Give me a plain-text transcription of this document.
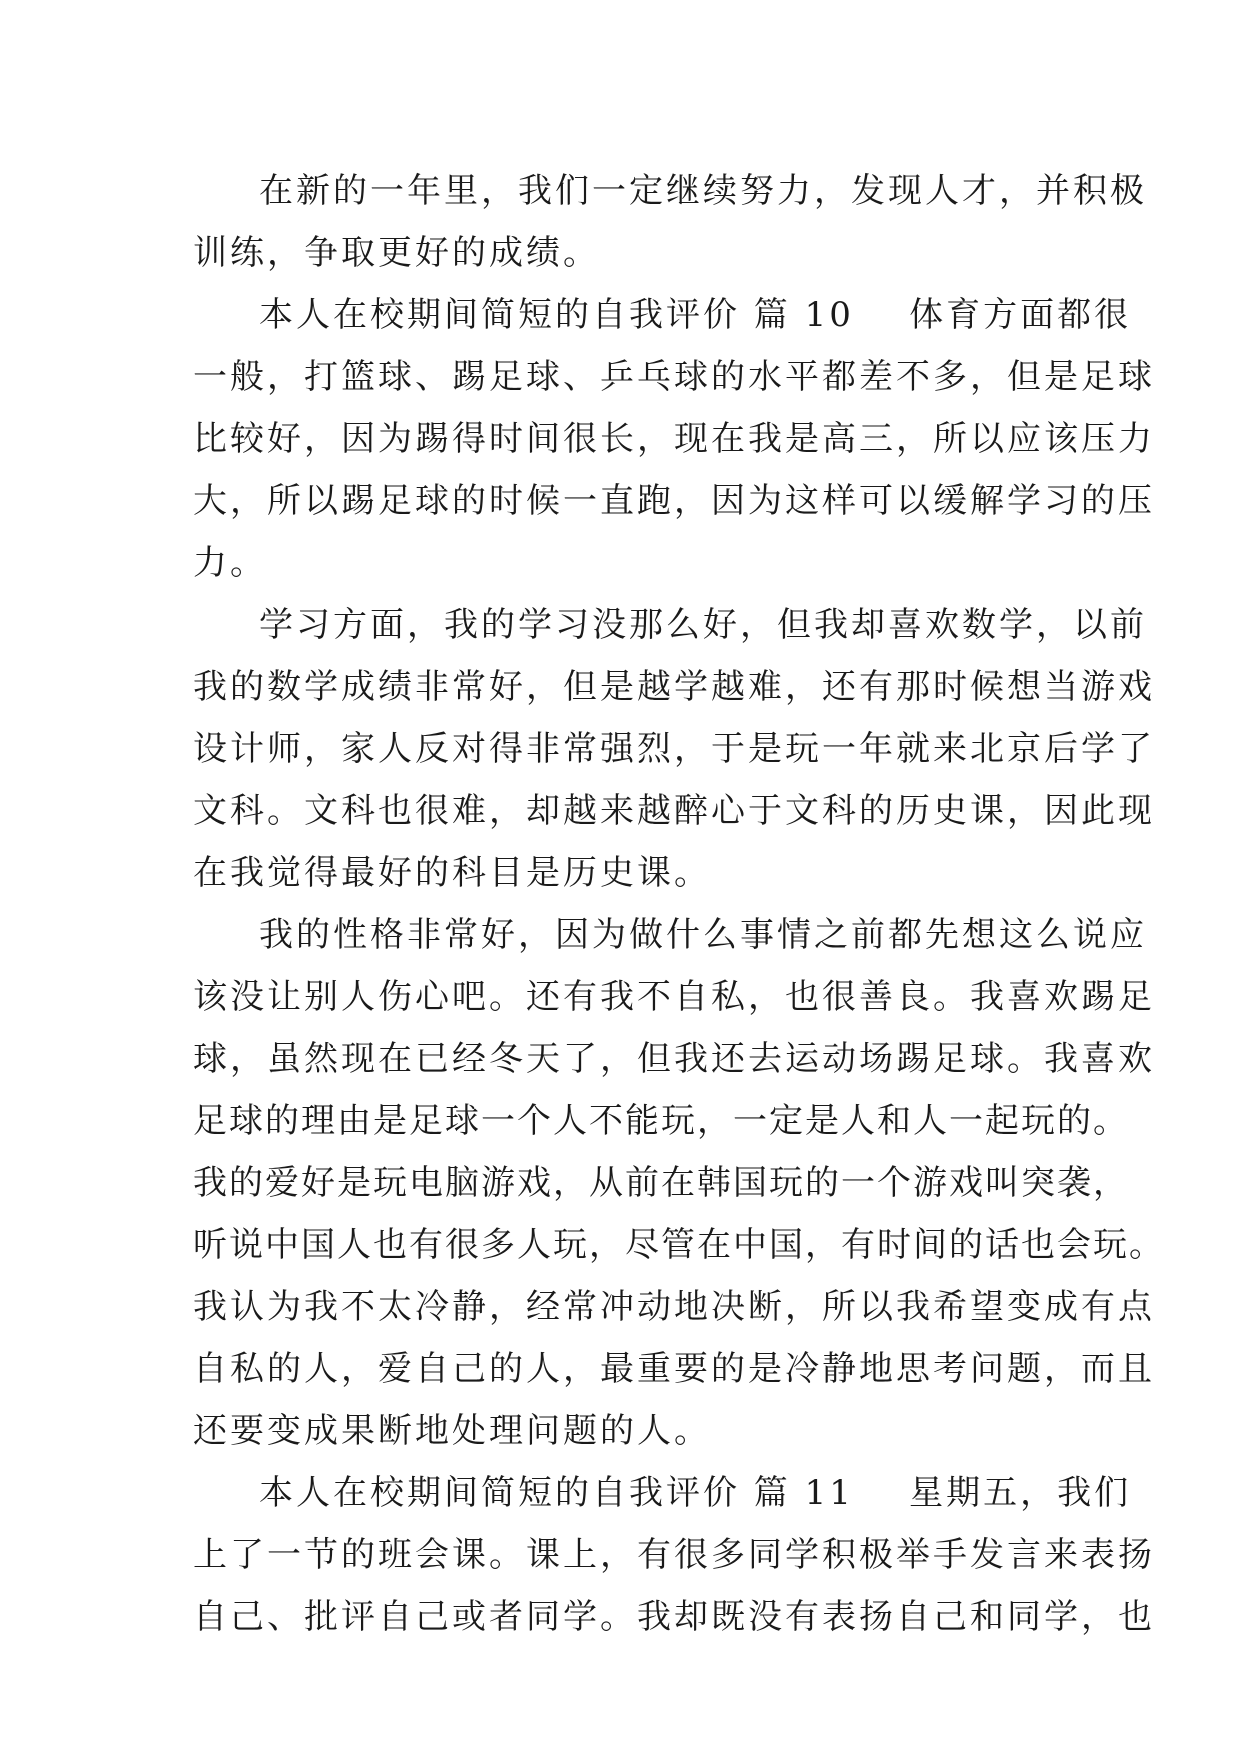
在新的一年里，我们一定继续努力，发现人才，并积极
训练，争取更好的成绩。
本人在校期间简短的自我评价 篇 10    体育方面都很
一般，打篮球、踢足球、乒乓球的水平都差不多，但是足球
比较好，因为踢得时间很长，现在我是高三，所以应该压力
大，所以踢足球的时候一直跑，因为这样可以缓解学习的压
力。
学习方面，我的学习没那么好，但我却喜欢数学，以前
我的数学成绩非常好，但是越学越难，还有那时候想当游戏
设计师，家人反对得非常强烈，于是玩一年就来北京后学了
文科。文科也很难，却越来越醉心于文科的历史课，因此现
在我觉得最好的科目是历史课。
我的性格非常好，因为做什么事情之前都先想这么说应
该没让别人伤心吧。还有我不自私，也很善良。我喜欢踢足
球，虽然现在已经冬天了，但我还去运动场踢足球。我喜欢
足球的理由是足球一个人不能玩，一定是人和人一起玩的。
我的爱好是玩电脑游戏，从前在韩国玩的一个游戏叫突袭，
听说中国人也有很多人玩，尽管在中国，有时间的话也会玩。
我认为我不太冷静，经常冲动地决断，所以我希望变成有点
自私的人，爱自己的人，最重要的是冷静地思考问题，而且
还要变成果断地处理问题的人。
本人在校期间简短的自我评价 篇 11    星期五，我们
上了一节的班会课。课上，有很多同学积极举手发言来表扬
自己、批评自己或者同学。我却既没有表扬自己和同学，也
